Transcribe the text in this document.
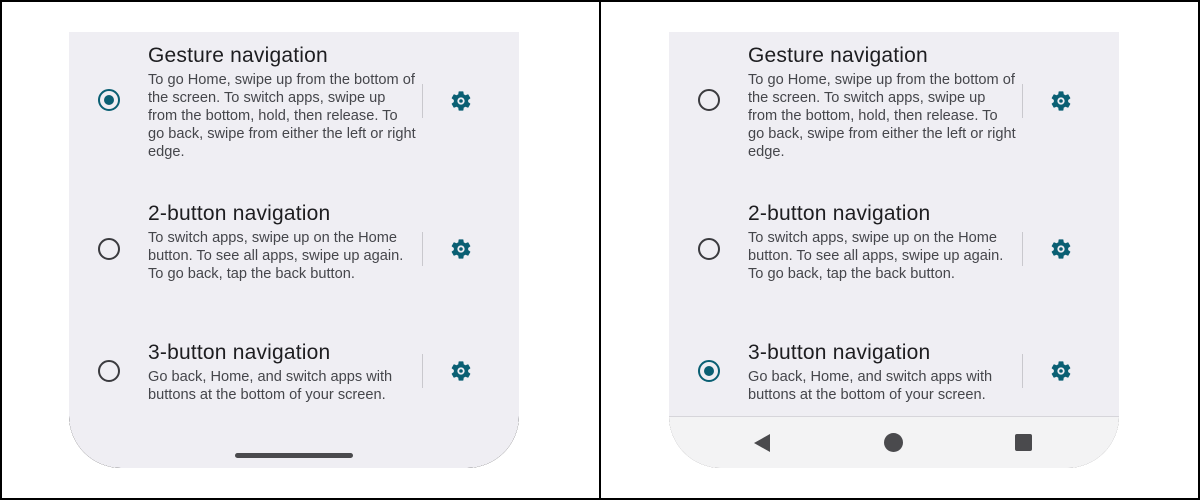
Gesture navigation
To go Home, swipe up from the bottom of the screen. To switch apps, swipe up from the bottom, hold, then release. To go back, swipe from either the left or right edge.
2-button navigation
To switch apps, swipe up on the Home button. To see all apps, swipe up again. To go back, tap the back button.
3-button navigation
Go back, Home, and switch apps with buttons at the bottom of your screen.
Gesture navigation
To go Home, swipe up from the bottom of the screen. To switch apps, swipe up from the bottom, hold, then release. To go back, swipe from either the left or right edge.
2-button navigation
To switch apps, swipe up on the Home button. To see all apps, swipe up again. To go back, tap the back button.
3-button navigation
Go back, Home, and switch apps with buttons at the bottom of your screen.
